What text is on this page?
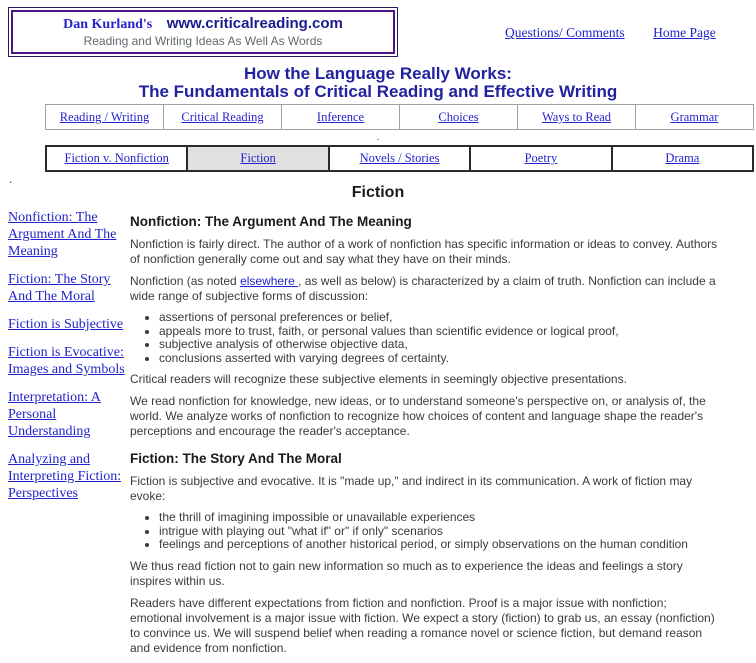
Dan Kurland's www.criticalreading.com
Reading and Writing Ideas As Well As Words
Questions/ Comments Home Page
How the Language Really Works:
The Fundamentals of Critical Reading and Effective Writing
Reading / Writing	Critical Reading	Inference	Choices	Ways to Read	Grammar
.
Fiction v. Nonfiction	Fiction	Novels / Stories	Poetry	Drama
.
Fiction
Nonfiction: The Argument And The Meaning
Fiction: The Story And The Moral
Fiction is Subjective
Fiction is Evocative: Images and Symbols
Interpretation: A Personal Understanding
Analyzing and Interpreting Fiction: Perspectives
Nonfiction: The Argument And The Meaning

Nonfiction is fairly direct. The author of a work of nonfiction has specific information or ideas to convey. Authors of nonfiction generally come out and say what they have on their minds.

Nonfiction (as noted elsewhere , as well as below) is characterized by a claim of truth. Nonfiction can include a wide range of subjective forms of discussion:

• assertions of personal preferences or belief,
• appeals more to trust, faith, or personal values than scientific evidence or logical proof,
• subjective analysis of otherwise objective data,
• conclusions asserted with varying degrees of certainty.

Critical readers will recognize these subjective elements in seemingly objective presentations.

We read nonfiction for knowledge, new ideas, or to understand someone's perspective on, or analysis of, the world. We analyze works of nonfiction to recognize how choices of content and language shape the reader's perceptions and encourage the reader's acceptance.

Fiction: The Story And The Moral

Fiction is subjective and evocative. It is "made up," and indirect in its communication. A work of fiction may evoke:

• the thrill of imagining impossible or unavailable experiences
• intrigue with playing out "what if" or" if only" scenarios
• feelings and perceptions of another historical period, or simply observations on the human condition

We thus read fiction not to gain new information so much as to experience the ideas and feelings a story inspires within us.

Readers have different expectations from fiction and nonfiction. Proof is a major issue with nonfiction; emotional involvement is a major issue with fiction. We expect a story (fiction) to grab us, an essay (nonfiction) to convince us. We will suspend belief when reading a romance novel or science fiction, but demand reason and evidence from nonfiction.
